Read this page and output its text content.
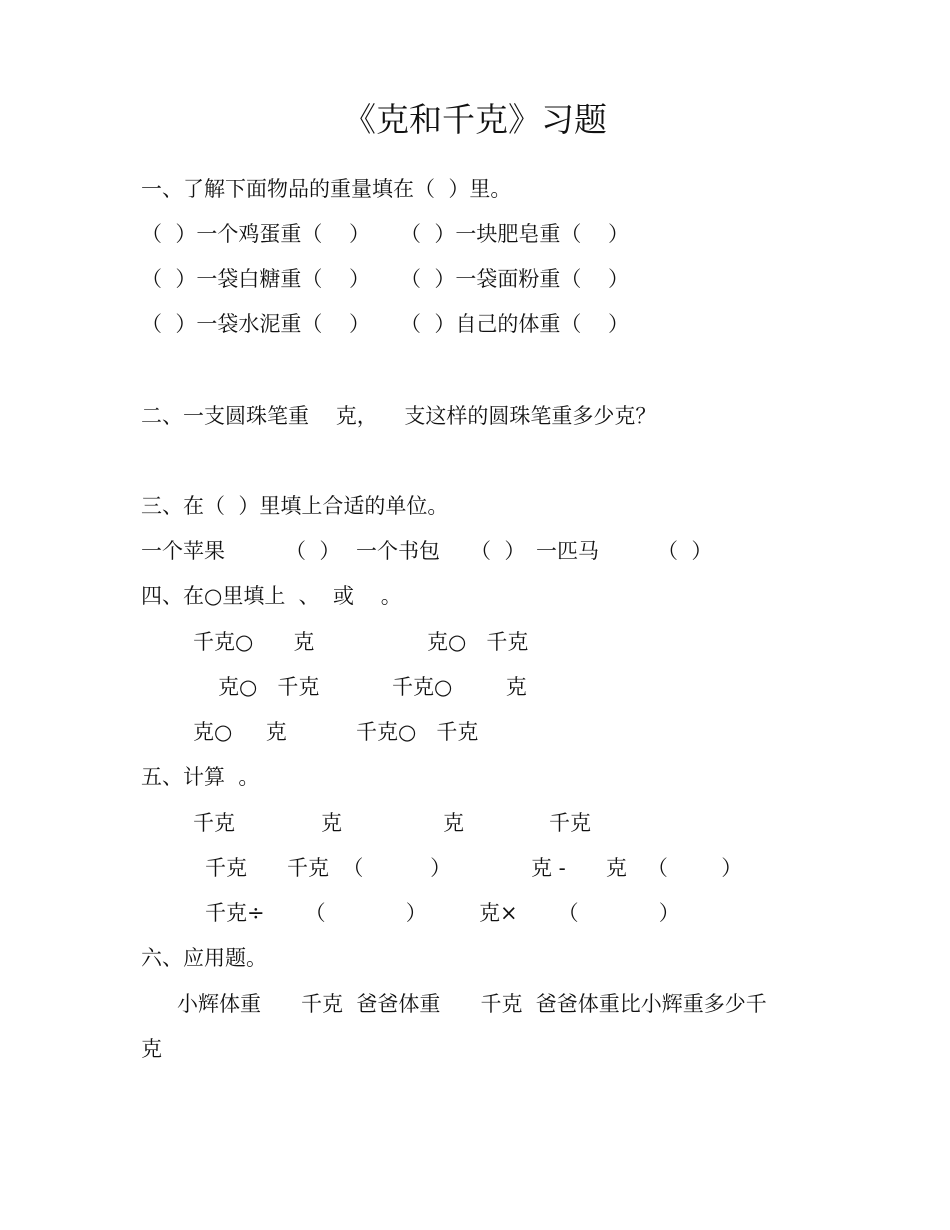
《克和千克》习题
一、了解下面物品的重量填在（  ）里。
（  ）一个鸡蛋重（    ） （  ）一块肥皂重（    ）
（  ）一袋白糖重（    ） （  ）一袋面粉重（    ）
（  ）一袋水泥重（    ） （  ）自己的体重（    ）
二、一支圆珠笔重    克，    支这样的圆珠笔重多少克？
三、在（  ）里填上合适的单位。
一个苹果	（  ） 一个书包 （  ） 一匹马	（  ）
四、在○里填上  、  或    。
千克○      克	克○   千克
克○   千克	千克○        克
克○     克	千克○   千克
五、计算  。
千克	克	克	千克
千克      千克  （          ）	克 -      克   （        ）
千克÷      （            ） 克×      （            ）
六、应用题。
小辉体重      千克  爸爸体重      千克  爸爸体重比小辉重多少千
克
